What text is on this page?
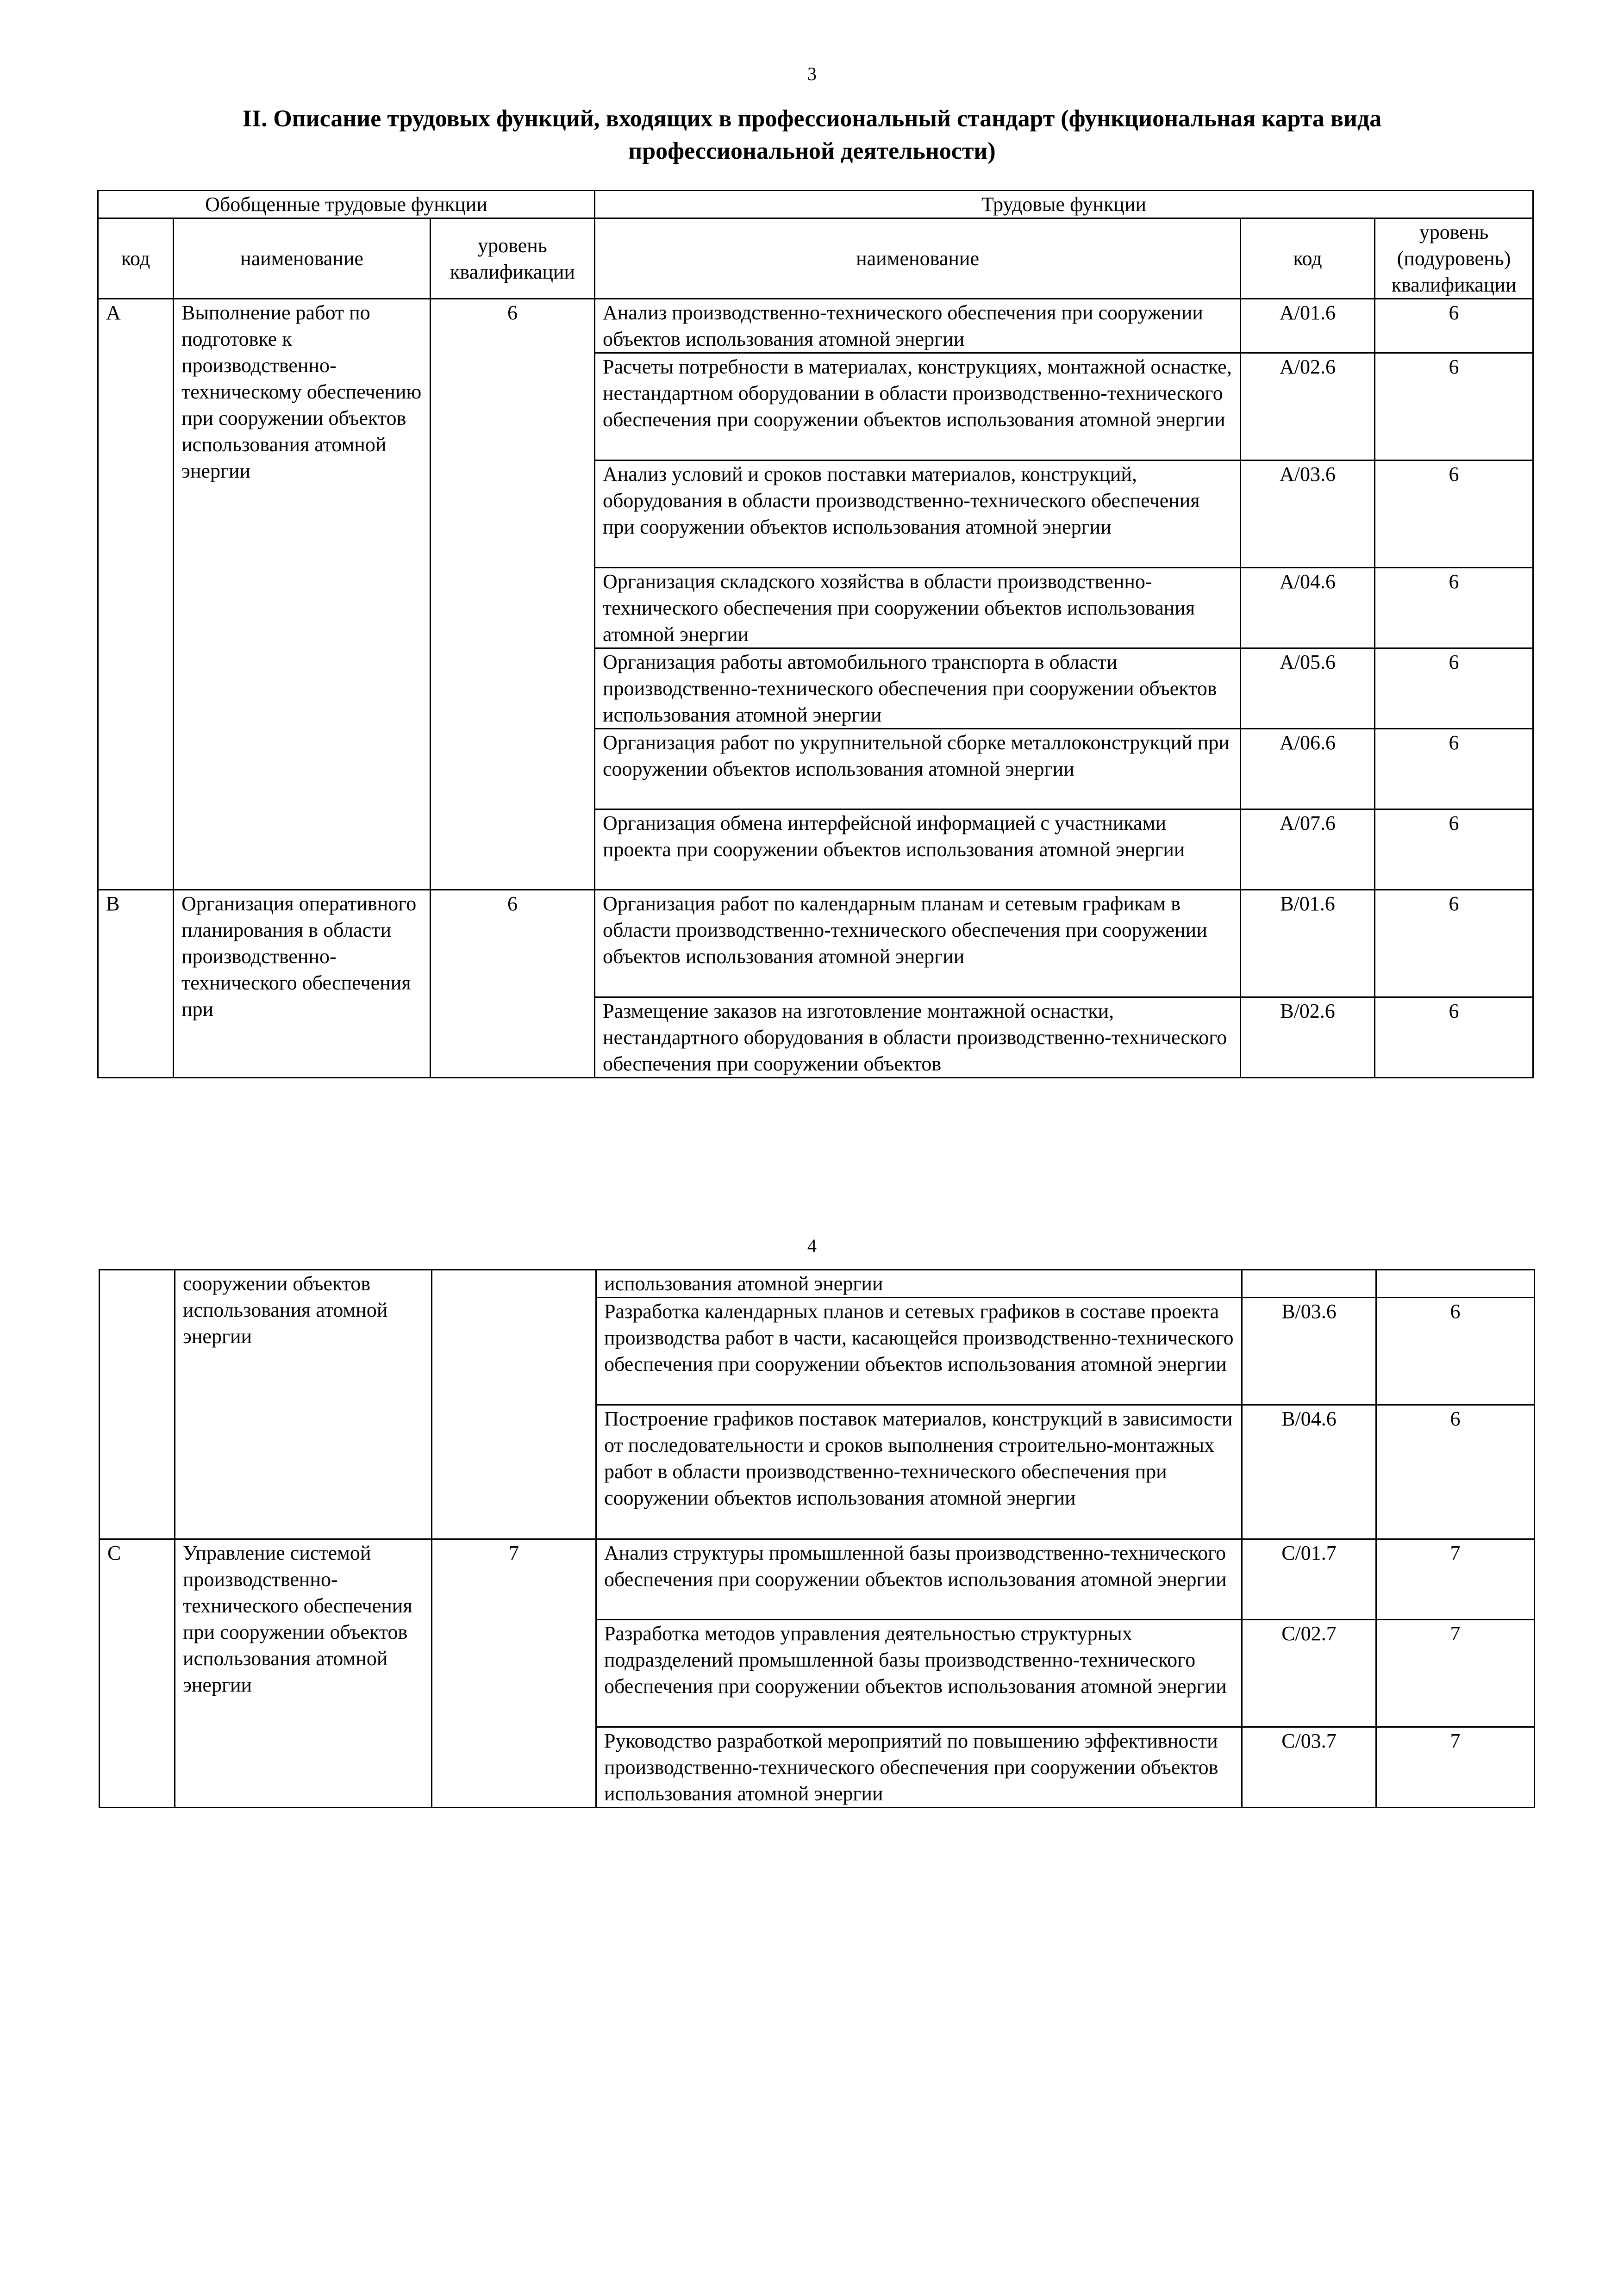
3
II. Описание трудовых функций, входящих в профессиональный стандарт (функциональная карта вида профессиональной деятельности)
Обобщенные трудовые функции			Трудовые функции		
код	наименование	уровень квалификации	наименование	код	уровень (подуровень) квалификации
A	Выполнение работ по подготовке к производственно-техническому обеспечению при сооружении объектов использования атомной энергии	6	Анализ производственно-технического обеспечения при сооружении объектов использования атомной энергии	A/01.6	6
			Расчеты потребности в материалах, конструкциях, монтажной оснастке, нестандартном оборудовании в области производственно-технического обеспечения при сооружении объектов использования атомной энергии	A/02.6	6
			Анализ условий и сроков поставки материалов, конструкций, оборудования в области производственно-технического обеспечения при сооружении объектов использования атомной энергии	A/03.6	6
			Организация складского хозяйства в области производственно-технического обеспечения при сооружении объектов использования атомной энергии	A/04.6	6
			Организация работы автомобильного транспорта в области производственно-технического обеспечения при сооружении объектов использования атомной энергии	A/05.6	6
			Организация работ по укрупнительной сборке металлоконструкций при сооружении объектов использования атомной энергии	A/06.6	6
			Организация обмена интерфейсной информацией с участниками проекта при сооружении объектов использования атомной энергии	A/07.6	6
B	Организация оперативного планирования в области производственно-технического обеспечения при	6	Организация работ по календарным планам и сетевым графикам в области производственно-технического обеспечения при сооружении объектов использования атомной энергии	B/01.6	6
			Размещение заказов на изготовление монтажной оснастки, нестандартного оборудования в области производственно-технического обеспечения при сооружении объектов	B/02.6	6
4
	сооружении объектов использования атомной энергии		использования атомной энергии		
			Разработка календарных планов и сетевых графиков в составе проекта производства работ в части, касающейся производственно-технического обеспечения при сооружении объектов использования атомной энергии	B/03.6	6
			Построение графиков поставок материалов, конструкций в зависимости от последовательности и сроков выполнения строительно-монтажных работ в области производственно-технического обеспечения при сооружении объектов использования атомной энергии	B/04.6	6
C	Управление системой производственно-технического обеспечения при сооружении объектов использования атомной энергии	7	Анализ структуры промышленной базы производственно-технического обеспечения при сооружении объектов использования атомной энергии	C/01.7	7
			Разработка методов управления деятельностью структурных подразделений промышленной базы производственно-технического обеспечения при сооружении объектов использования атомной энергии	C/02.7	7
			Руководство разработкой мероприятий по повышению эффективности производственно-технического обеспечения при сооружении объектов использования атомной энергии	C/03.7	7
